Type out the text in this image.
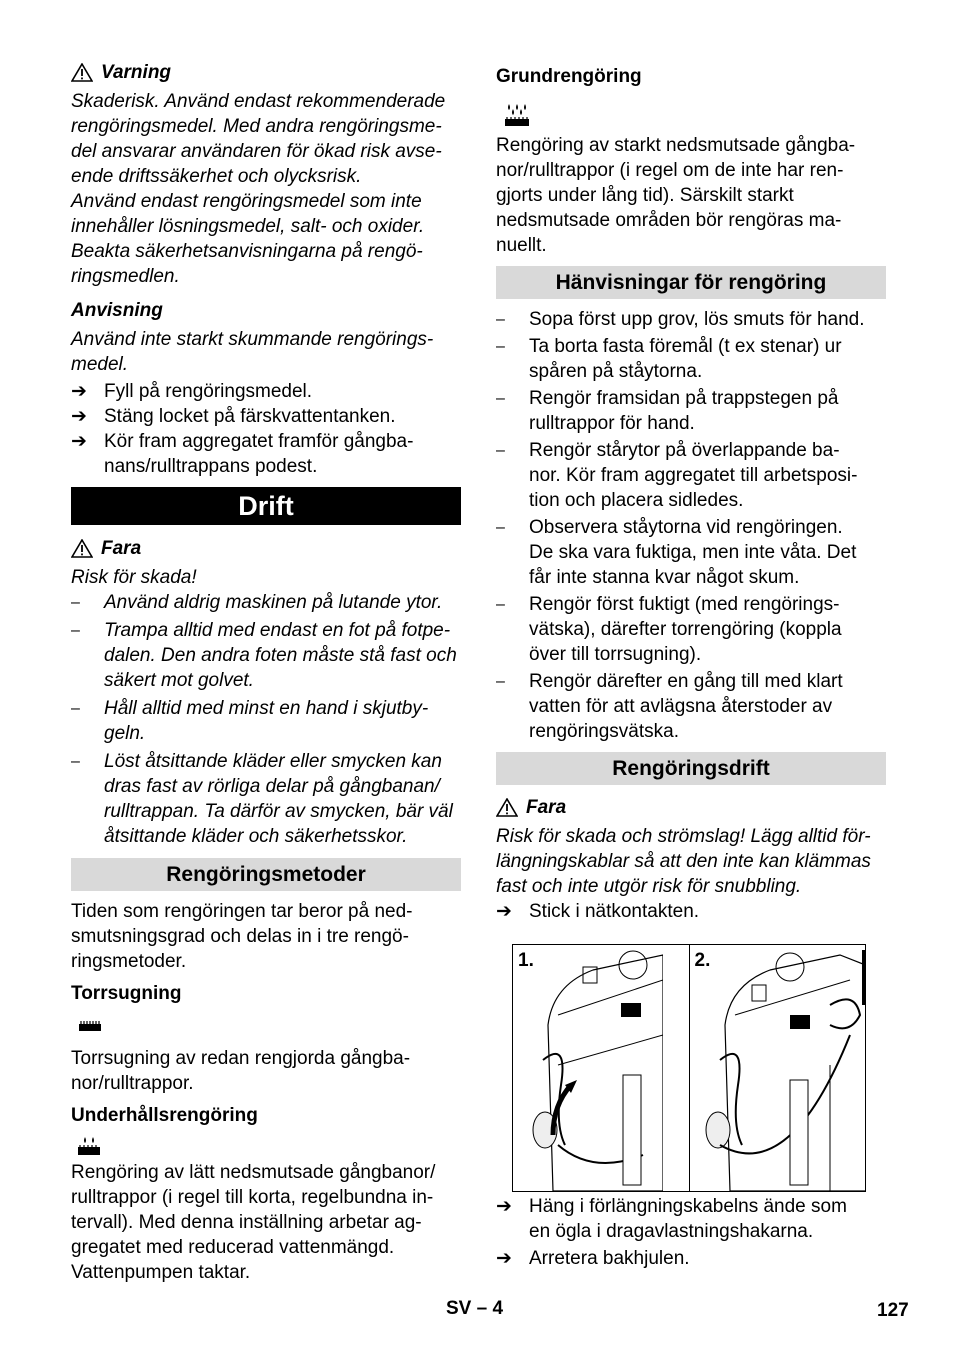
Varning

Skaderisk. Använd endast rekommenderade

rengöringsmedel. Med andra rengöringsme-

del ansvarar användaren för ökad risk avse-

ende driftssäkerhet och olycksrisk.

Använd endast rengöringsmedel som inte

innehåller lösningsmedel, salt- och oxider.

Beakta säkerhetsanvisningarna på rengö-

ringsmedlen.

Anvisning

Använd inte starkt skummande rengörings-

medel.

➔ Fyll på rengöringsmedel.
➔ Stäng locket på färskvattentanken.
➔ Kör fram aggregatet framför gångba-

nans/rulltrappans podest.

Drift
Fara

Risk för skada!

– Använd aldrig maskinen på lutande ytor.

– Trampa alltid med endast en fot på fotpe-

dalen. Den andra foten måste stå fast och

säkert mot golvet.

– Håll alltid med minst en hand i skjutby-

geln.

– Löst åtsittande kläder eller smycken kan

dras fast av rörliga delar på gångbanan/

rulltrappan. Ta därför av smycken, bär väl

åtsittande kläder och säkerhetsskor.

Rengöringsmetoder

Tiden som rengöringen tar beror på ned-

smutsningsgrad och delas in i tre rengö-

ringsmetoder.

Torrsugning

Torrsugning av redan rengjorda gångba-

nor/rulltrappor.

Underhållsrengöring

Rengöring av lätt nedsmutsade gångbanor/

rulltrappor (i regel till korta, regelbundna in-

tervall). Med denna inställning arbetar ag-

gregatet med reducerad vattenmängd.

Vattenpumpen taktar.

Grundrengöring

Rengöring av starkt nedsmutsade gångba-

nor/rulltrappor (i regel om de inte har ren-

gjorts under lång tid). Särskilt starkt

nedsmutsade områden bör rengöras ma-

nuellt.

Hänvisningar för rengöring
– Sopa först upp grov, lös smuts för hand.

– Ta borta fasta föremål (t ex stenar) ur

spåren på ståytorna.

– Rengör framsidan på trappstegen på

rulltrappor för hand.

– Rengör stårytor på överlappande ba-

nor. Kör fram aggregatet till arbetsposi-

tion och placera sidledes.

– Observera ståytorna vid rengöringen.

De ska vara fuktiga, men inte våta. Det

får inte stanna kvar något skum.

– Rengör först fuktigt (med rengörings-

vätska), därefter torrengöring (koppla

över till torrsugning).

– Rengör därefter en gång till med klart

vatten för att avlägsna återstoder av

rengöringsvätska.

Rengöringsdrift
Fara

Risk för skada och strömslag! Lägg alltid för-

längningskablar så att den inte kan klämmas

fast och inte utgör risk för snubbling.

➔ Stick i nätkontakten.
1.	2.
➔ Häng i förlängningskabelns ände som

en ögla i dragavlastningshakarna.

➔ Arretera bakhjulen.

SV – 4	127
